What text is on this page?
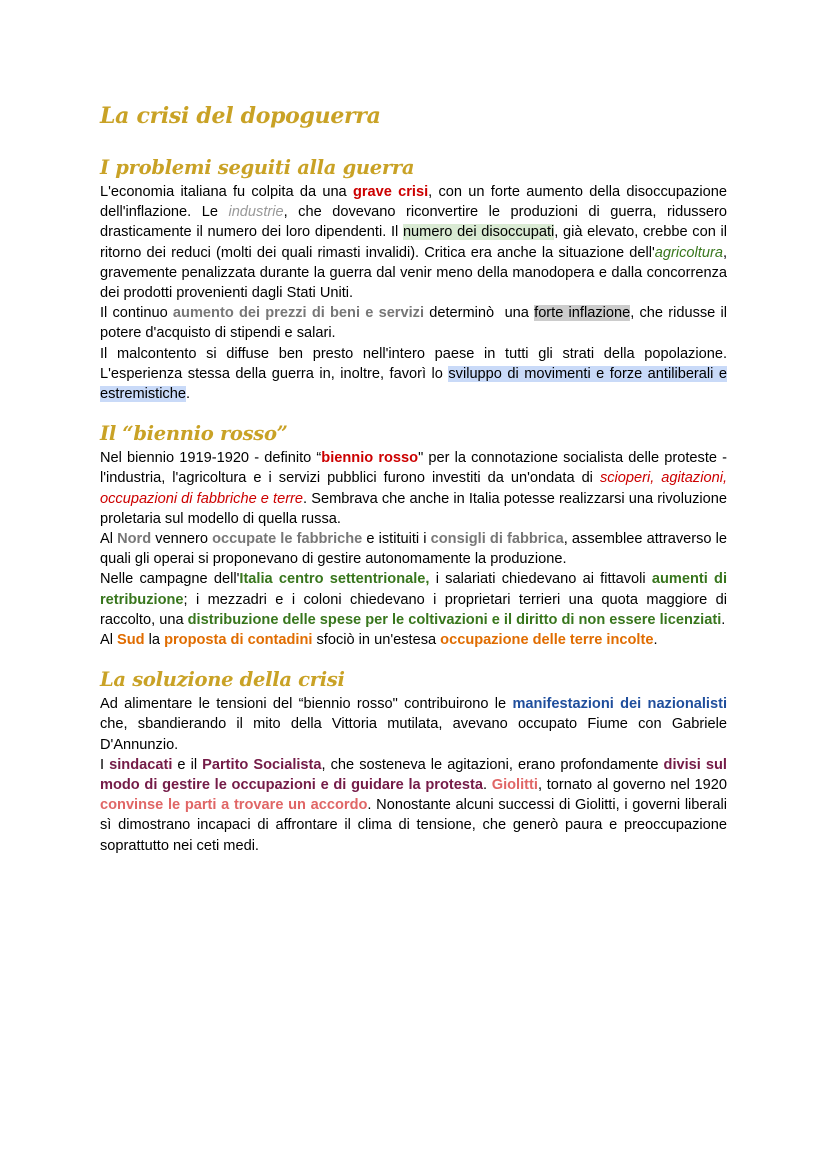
La crisi del dopoguerra
I problemi seguiti alla guerra

L'economia italiana fu colpita da una grave crisi, con un forte aumento della disoccupazione dell'inflazione. Le industrie, che dovevano riconvertire le produzioni di guerra, ridussero drasticamente il numero dei loro dipendenti. Il numero dei disoccupati, già elevato, crebbe con il ritorno dei reduci (molti dei quali rimasti invalidi). Critica era anche la situazione dell'agricoltura, gravemente penalizzata durante la guerra dal venir meno della manodopera e dalla concorrenza dei prodotti provenienti dagli Stati Uniti.

Il continuo aumento dei prezzi di beni e servizi determinò  una forte inflazione, che ridusse il potere d'acquisto di stipendi e salari.

Il malcontento si diffuse ben presto nell'intero paese in tutti gli strati della popolazione. L'esperienza stessa della guerra in, inoltre, favorì lo sviluppo di movimenti e forze antiliberali e estremistiche.

Il “biennio rosso”

Nel biennio 1919-1920 - definito “biennio rosso" per la connotazione socialista delle proteste - l'industria, l'agricoltura e i servizi pubblici furono investiti da un'ondata di scioperi, agitazioni, occupazioni di fabbriche e terre. Sembrava che anche in Italia potesse realizzarsi una rivoluzione proletaria sul modello di quella russa.

Al Nord vennero occupate le fabbriche e istituiti i consigli di fabbrica, assemblee attraverso le quali gli operai si proponevano di gestire autonomamente la produzione.

Nelle campagne dell'Italia centro settentrionale, i salariati chiedevano ai fittavoli aumenti di retribuzione; i mezzadri e i coloni chiedevano i proprietari terrieri una quota maggiore di raccolto, una distribuzione delle spese per le coltivazioni e il diritto di non essere licenziati.

Al Sud la proposta di contadini sfociò in un'estesa occupazione delle terre incolte.

La soluzione della crisi

Ad alimentare le tensioni del “biennio rosso" contribuirono le manifestazioni dei nazionalisti che, sbandierando il mito della Vittoria mutilata, avevano occupato Fiume con Gabriele D'Annunzio.

I sindacati e il Partito Socialista, che sosteneva le agitazioni, erano profondamente divisi sul modo di gestire le occupazioni e di guidare la protesta. Giolitti, tornato al governo nel 1920 convinse le parti a trovare un accordo. Nonostante alcuni successi di Giolitti, i governi liberali sì dimostrano incapaci di affrontare il clima di tensione, che generò paura e preoccupazione soprattutto nei ceti medi.
